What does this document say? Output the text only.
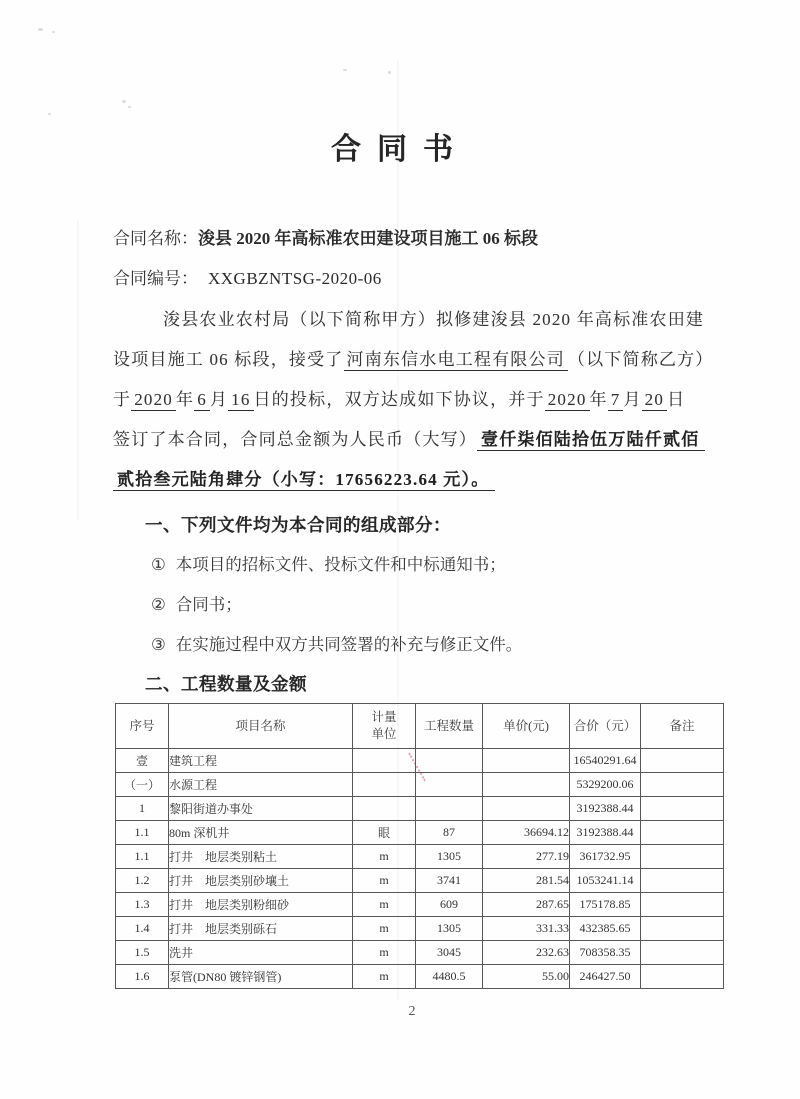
合同书
合同名称：浚县 2020 年高标准农田建设项目施工 06 标段
合同编号： XXGBZNTSG-2020-06
浚县农业农村局（以下简称甲方）拟修建浚县 2020 年高标准农田建
设项目施工 06 标段，接受了 河南东信水电工程有限公司 （以下简称乙方）
于 2020 年 6 月 16 日的投标，双方达成如下协议，并于 2020 年 7 月 20 日
签订了本合同，合同总金额为人民币（大写） 壹仟柒佰陆拾伍万陆仟贰佰
贰拾叁元陆角肆分（小写：17656223.64 元）。
一、下列文件均为本合同的组成部分：
① 本项目的招标文件、投标文件和中标通知书；
② 合同书；
③ 在实施过程中双方共同签署的补充与修正文件。
二、工程数量及金额
序号	项目名称	计量单位	工程数量	单价(元)	合价（元）	备注
壹	建筑工程				16540291.64	
（一）	水源工程				5329200.06	
1	黎阳街道办事处				3192388.44	
1.1	80m 深机井	眼	87	36694.12	3192388.44	
1.1	打井　地层类别粘土	m	1305	277.19	361732.95	
1.2	打井　地层类别砂壤土	m	3741	281.54	1053241.14	
1.3	打井　地层类别粉细砂	m	609	287.65	175178.85	
1.4	打井　地层类别砾石	m	1305	331.33	432385.65	
1.5	洗井	m	3045	232.63	708358.35	
1.6	泵管(DN80 镀锌钢管)	m	4480.5	55.00	246427.50	
2
